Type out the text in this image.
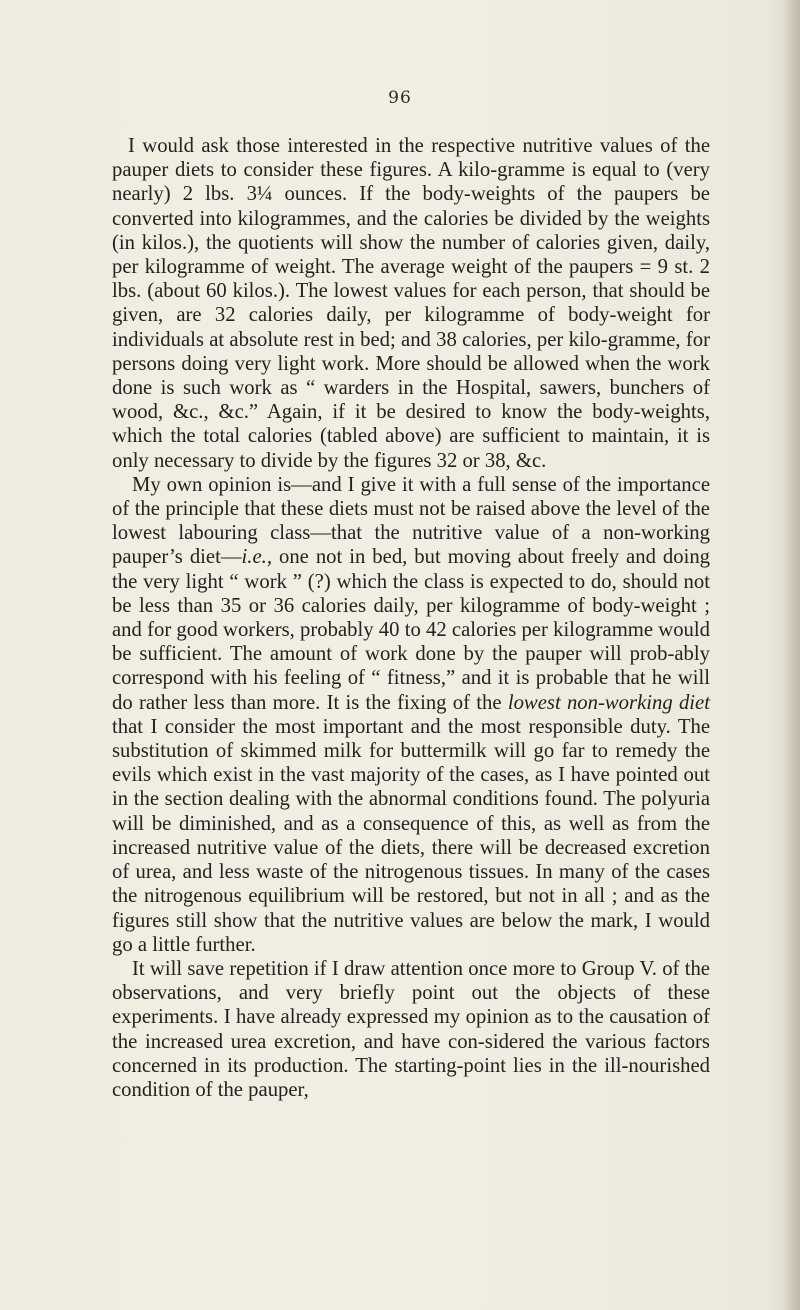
96

I would ask those interested in the respective nutritive values of the pauper diets to consider these figures. A kilo-gramme is equal to (very nearly) 2 lbs. 3¼ ounces. If the body-weights of the paupers be converted into kilogrammes, and the calories be divided by the weights (in kilos.), the quotients will show the number of calories given, daily, per kilogramme of weight. The average weight of the paupers = 9 st. 2 lbs. (about 60 kilos.). The lowest values for each person, that should be given, are 32 calories daily, per kilogramme of body-weight for individuals at absolute rest in bed; and 38 calories, per kilo-gramme, for persons doing very light work. More should be allowed when the work done is such work as “ warders in the Hospital, sawers, bunchers of wood, &c., &c.” Again, if it be desired to know the body-weights, which the total calories (tabled above) are sufficient to maintain, it is only necessary to divide by the figures 32 or 38, &c.

My own opinion is—and I give it with a full sense of the importance of the principle that these diets must not be raised above the level of the lowest labouring class—that the nutritive value of a non-working pauper’s diet—i.e., one not in bed, but moving about freely and doing the very light “ work ” (?) which the class is expected to do, should not be less than 35 or 36 calories daily, per kilogramme of body-weight ; and for good workers, probably 40 to 42 calories per kilogramme would be sufficient. The amount of work done by the pauper will prob-ably correspond with his feeling of “ fitness,” and it is probable that he will do rather less than more. It is the fixing of the lowest non-working diet that I consider the most important and the most responsible duty. The substitution of skimmed milk for buttermilk will go far to remedy the evils which exist in the vast majority of the cases, as I have pointed out in the section dealing with the abnormal conditions found. The polyuria will be diminished, and as a consequence of this, as well as from the increased nutritive value of the diets, there will be decreased excretion of urea, and less waste of the nitrogenous tissues. In many of the cases the nitrogenous equilibrium will be restored, but not in all ; and as the figures still show that the nutritive values are below the mark, I would go a little further.

It will save repetition if I draw attention once more to Group V. of the observations, and very briefly point out the objects of these experiments. I have already expressed my opinion as to the causation of the increased urea excretion, and have con-sidered the various factors concerned in its production. The starting-point lies in the ill-nourished condition of the pauper,
